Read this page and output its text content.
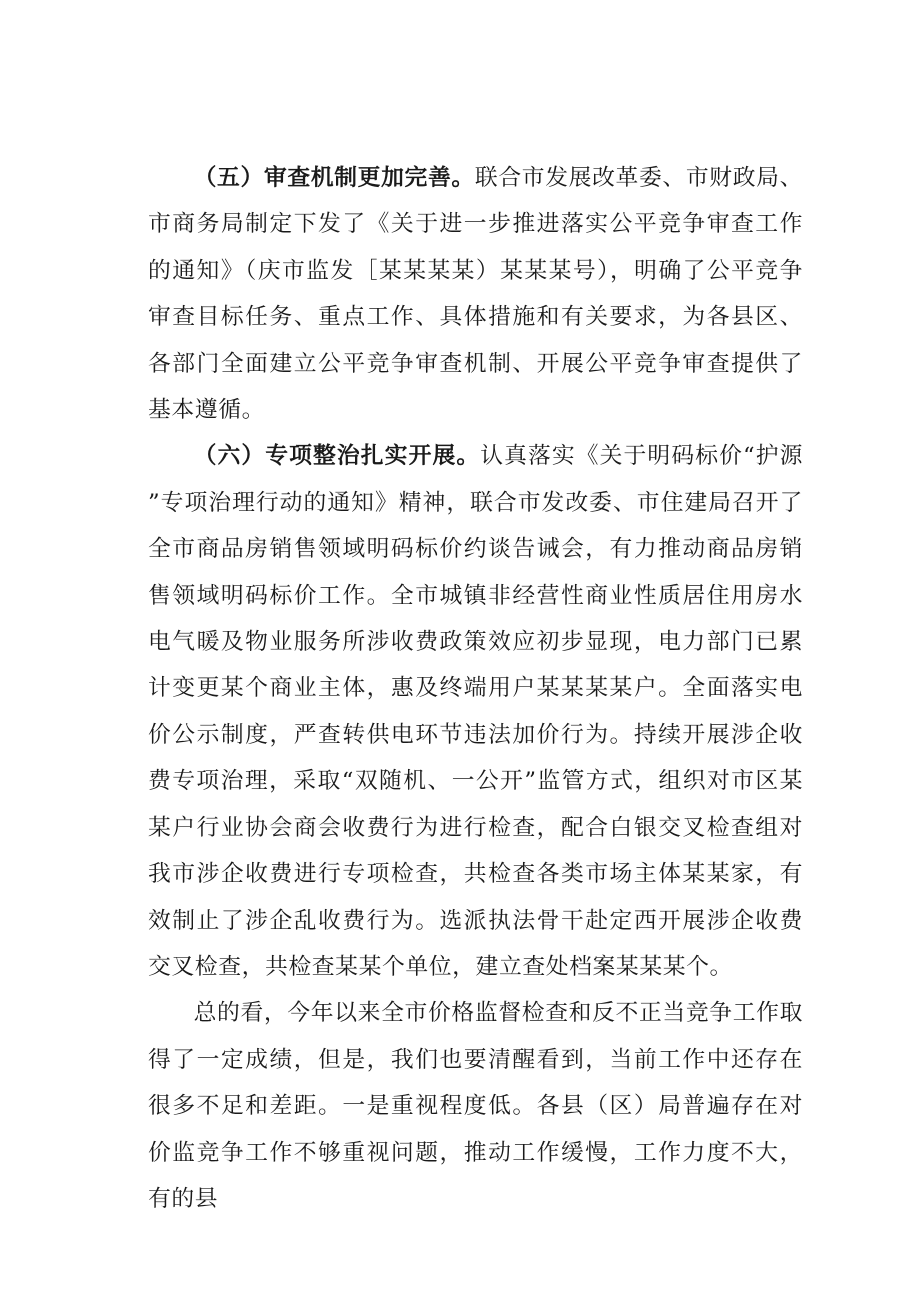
（五）审查机制更加完善。联合市发展改革委、市财政局、市商务局制定下发了《关于进一步推进落实公平竞争审查工作的通知》（庆市监发［某某某某）某某某号），明确了公平竞争审查目标任务、重点工作、具体措施和有关要求，为各县区、各部门全面建立公平竞争审查机制、开展公平竞争审查提供了基本遵循。

（六）专项整治扎实开展。认真落实《关于明码标价“护源”专项治理行动的通知》精神，联合市发改委、市住建局召开了全市商品房销售领域明码标价约谈告诫会，有力推动商品房销售领域明码标价工作。全市城镇非经营性商业性质居住用房水电气暖及物业服务所涉收费政策效应初步显现，电力部门已累计变更某个商业主体，惠及终端用户某某某某户。全面落实电价公示制度，严查转供电环节违法加价行为。持续开展涉企收费专项治理，采取“双随机、一公开”监管方式，组织对市区某某户行业协会商会收费行为进行检查，配合白银交叉检查组对我市涉企收费进行专项检查，共检查各类市场主体某某家，有效制止了涉企乱收费行为。选派执法骨干赴定西开展涉企收费交叉检查，共检查某某个单位，建立查处档案某某某个。

总的看，今年以来全市价格监督检查和反不正当竞争工作取得了一定成绩，但是，我们也要清醒看到，当前工作中还存在很多不足和差距。一是重视程度低。各县（区）局普遍存在对价监竞争工作不够重视问题，推动工作缓慢，工作力度不大，有的县
